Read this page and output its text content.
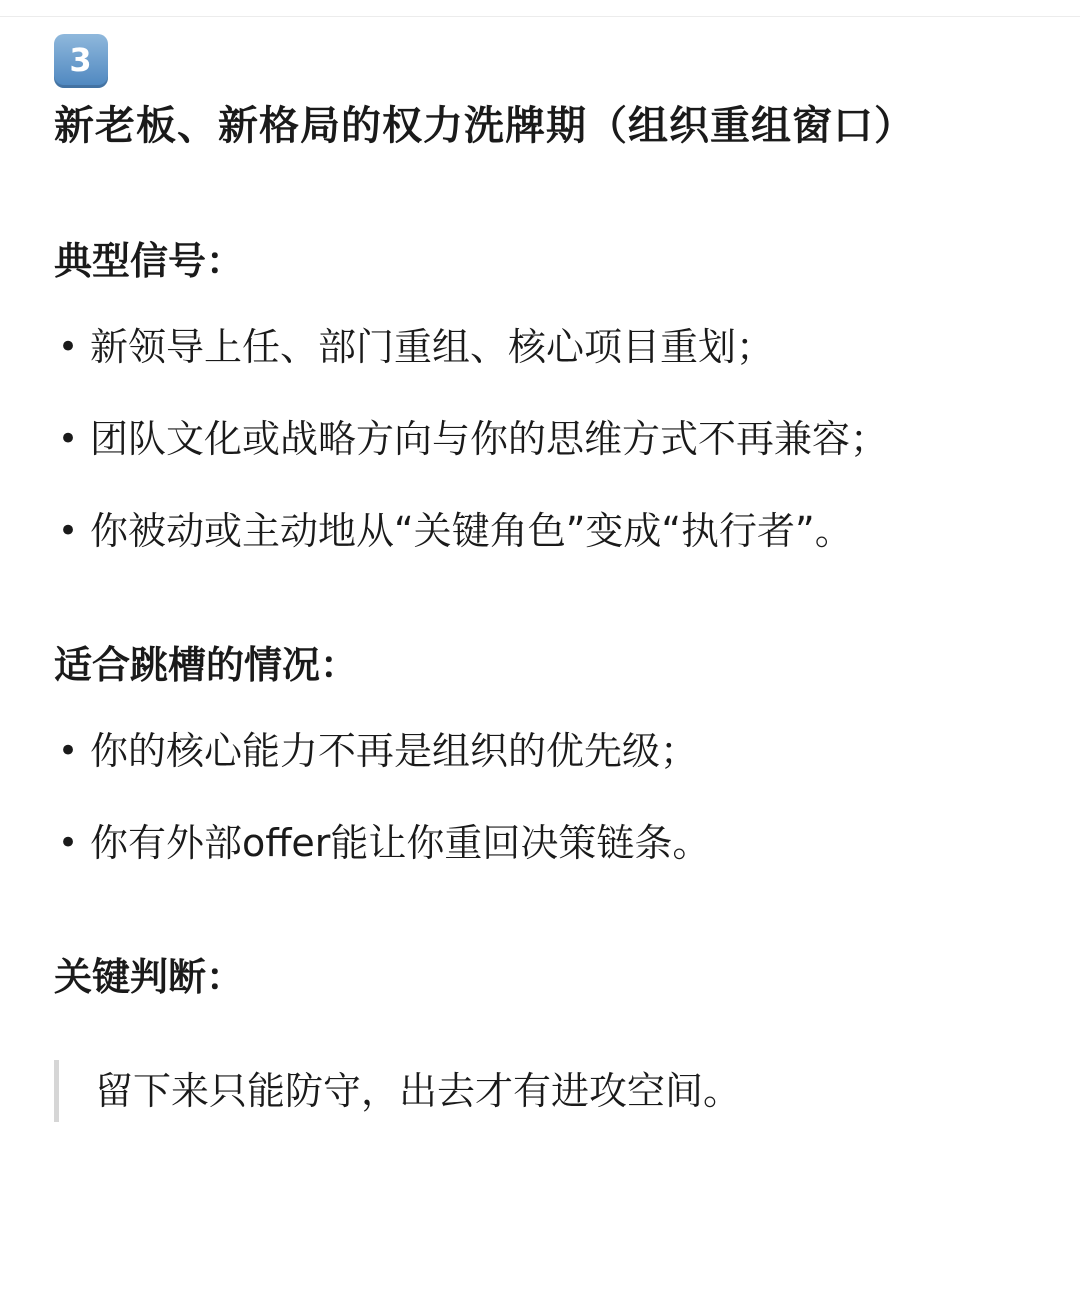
3新老板、新格局的权力洗牌期（组织重组窗口）
典型信号：
• 新领导上任、部门重组、核心项目重划；
• 团队文化或战略方向与你的思维方式不再兼容；
• 你被动或主动地从“关键角色”变成“执行者”。
适合跳槽的情况：
• 你的核心能力不再是组织的优先级；
• 你有外部offer能让你重回决策链条。
关键判断：
留下来只能防守，出去才有进攻空间。
